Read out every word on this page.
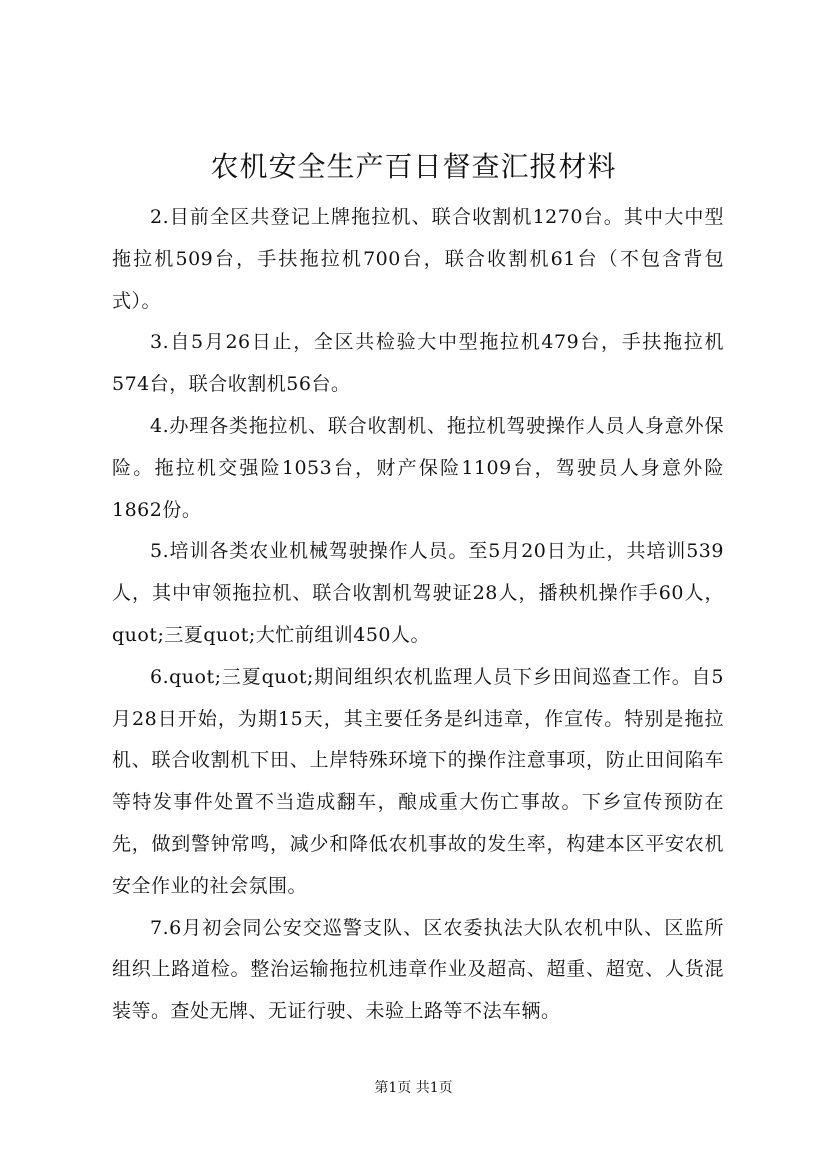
农机安全生产百日督查汇报材料

2.目前全区共登记上牌拖拉机、联合收割机1270台。其中大中型拖拉机509台，手扶拖拉机700台，联合收割机61台（不包含背包式）。

3.自5月26日止，全区共检验大中型拖拉机479台，手扶拖拉机574台，联合收割机56台。

4.办理各类拖拉机、联合收割机、拖拉机驾驶操作人员人身意外保险。拖拉机交强险1053台，财产保险1109台，驾驶员人身意外险1862份。

5.培训各类农业机械驾驶操作人员。至5月20日为止，共培训539人，其中审领拖拉机、联合收割机驾驶证28人，播秧机操作手60人，quot;三夏quot;大忙前组训450人。

6.quot;三夏quot;期间组织农机监理人员下乡田间巡查工作。自5月28日开始，为期15天，其主要任务是纠违章，作宣传。特别是拖拉机、联合收割机下田、上岸特殊环境下的操作注意事项，防止田间陷车等特发事件处置不当造成翻车，酿成重大伤亡事故。下乡宣传预防在先，做到警钟常鸣，减少和降低农机事故的发生率，构建本区平安农机安全作业的社会氛围。

7.6月初会同公安交巡警支队、区农委执法大队农机中队、区监所组织上路道检。整治运输拖拉机违章作业及超高、超重、超宽、人货混装等。查处无牌、无证行驶、未验上路等不法车辆。

第1页 共1页
